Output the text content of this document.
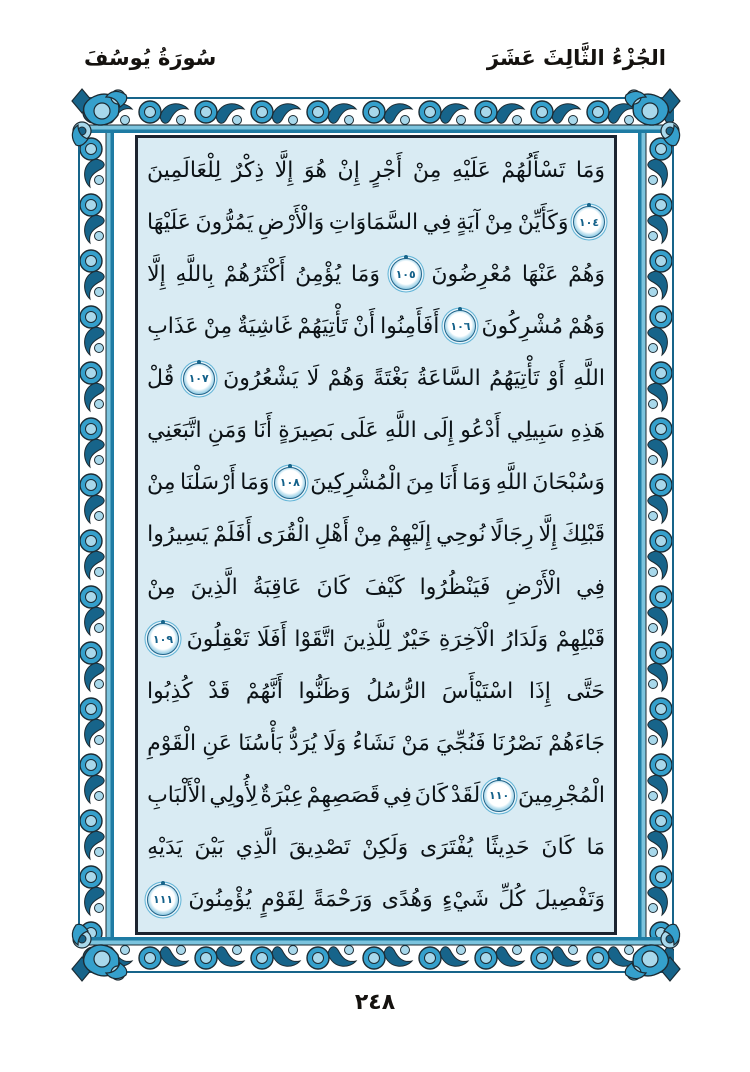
الجُزْءُ الثَّالِثَ عَشَرَ
سُورَةُ يُوسُفَ
وَمَا
تَسْأَلُهُمْ
عَلَيْهِ
مِنْ
أَجْرٍ
إِنْ
هُوَ
إِلَّا
ذِكْرٌ
لِلْعَالَمِينَ
١٠٤
وَكَأَيِّنْ
مِنْ
آيَةٍ
فِي
السَّمَاوَاتِ
وَالْأَرْضِ
يَمُرُّونَ
عَلَيْهَا
وَهُمْ
عَنْهَا
مُعْرِضُونَ
١٠٥
وَمَا
يُؤْمِنُ
أَكْثَرُهُمْ
بِاللَّهِ
إِلَّا
وَهُمْ
مُشْرِكُونَ
١٠٦
أَفَأَمِنُوا
أَنْ
تَأْتِيَهُمْ
غَاشِيَةٌ
مِنْ
عَذَابِ
اللَّهِ
أَوْ
تَأْتِيَهُمُ
السَّاعَةُ
بَغْتَةً
وَهُمْ
لَا
يَشْعُرُونَ
١٠٧
قُلْ
هَذِهِ
سَبِيلِي
أَدْعُو
إِلَى
اللَّهِ
عَلَى
بَصِيرَةٍ
أَنَا
وَمَنِ
اتَّبَعَنِي
وَسُبْحَانَ
اللَّهِ
وَمَا
أَنَا
مِنَ
الْمُشْرِكِينَ
١٠٨
وَمَا
أَرْسَلْنَا
مِنْ
قَبْلِكَ
إِلَّا
رِجَالًا
نُوحِي
إِلَيْهِمْ
مِنْ
أَهْلِ
الْقُرَى
أَفَلَمْ
يَسِيرُوا
فِي
الْأَرْضِ
فَيَنْظُرُوا
كَيْفَ
كَانَ
عَاقِبَةُ
الَّذِينَ
مِنْ
قَبْلِهِمْ
وَلَدَارُ
الْآخِرَةِ
خَيْرٌ
لِلَّذِينَ
اتَّقَوْا
أَفَلَا
تَعْقِلُونَ
١٠٩
حَتَّى
إِذَا
اسْتَيْأَسَ
الرُّسُلُ
وَظَنُّوا
أَنَّهُمْ
قَدْ
كُذِبُوا
جَاءَهُمْ
نَصْرُنَا
فَنُجِّيَ
مَنْ
نَشَاءُ
وَلَا
يُرَدُّ
بَأْسُنَا
عَنِ
الْقَوْمِ
الْمُجْرِمِينَ
١١٠
لَقَدْ
كَانَ
فِي
قَصَصِهِمْ
عِبْرَةٌ
لِأُولِي
الْأَلْبَابِ
مَا
كَانَ
حَدِيثًا
يُفْتَرَى
وَلَكِنْ
تَصْدِيقَ
الَّذِي
بَيْنَ
يَدَيْهِ
وَتَفْصِيلَ
كُلِّ
شَيْءٍ
وَهُدًى
وَرَحْمَةً
لِقَوْمٍ
يُؤْمِنُونَ
١١١
٢٤٨
